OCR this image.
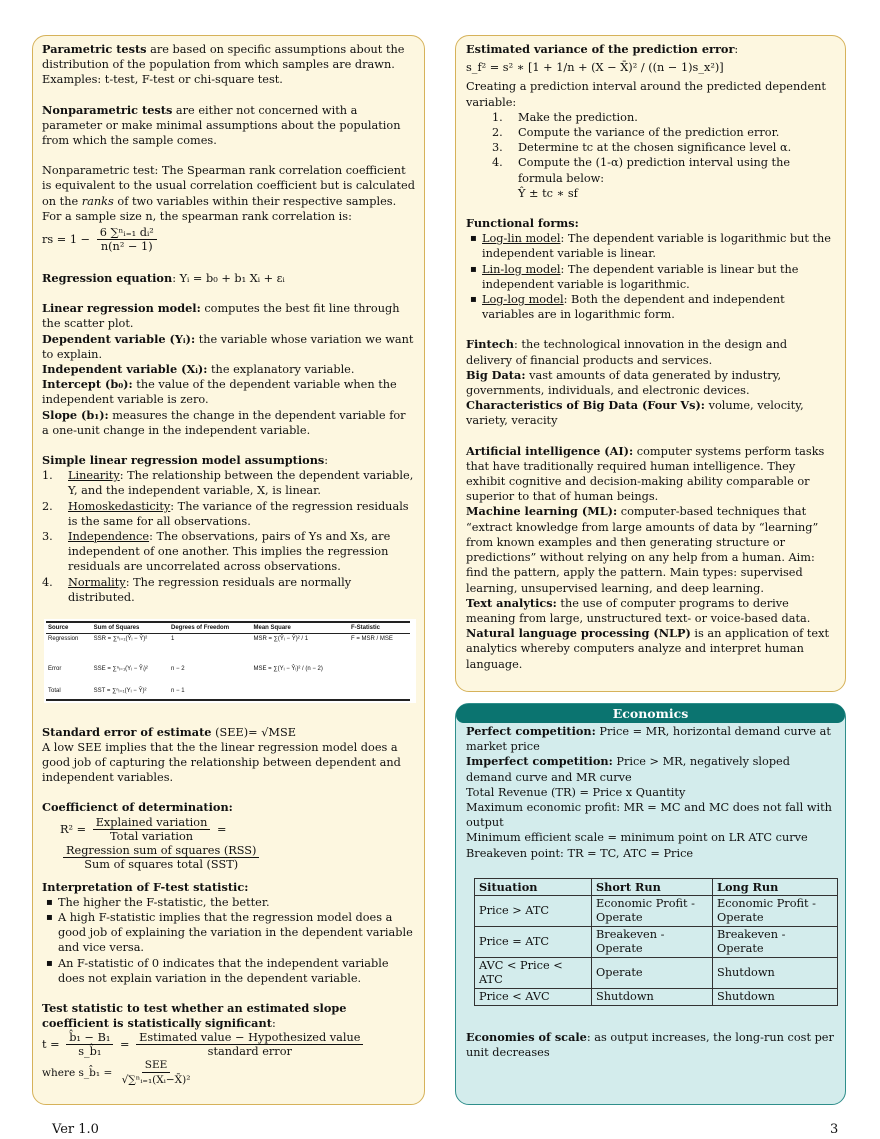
Parametric tests are based on specific assumptions about the distribution of the population from which samples are drawn. Examples: t-test, F-test or chi-square test.

Nonparametric tests are either not concerned with a parameter or make minimal assumptions about the population from which the sample comes.

Nonparametric test: The Spearman rank correlation coefficient is equivalent to the usual correlation coefficient but is calculated on the ranks of two variables within their respective samples. For a sample size n, the spearman rank correlation is:

rs = $1 - \frac{\text{6 ∑ⁿᵢ₌₁ dᵢ²}}{\text{n(n² − 1)}}$

Regression equation: Yᵢ = b₀ + b₁ Xᵢ + εᵢ

Linear regression model: computes the best fit line through the scatter plot.

Dependent variable (Yᵢ): the variable whose variation we want to explain.

Independent variable (Xᵢ): the explanatory variable.

Intercept (b₀): the value of the dependent variable when the independent variable is zero.

Slope (b₁): measures the change in the dependent variable for a one-unit change in the independent variable.

Simple linear regression model assumptions:

1. Linearity: The relationship between the dependent variable, Y, and the independent variable, X, is linear.
2. Homoskedasticity: The variance of the regression residuals is the same for all observations.
3. Independence: The observations, pairs of Ys and Xs, are independent of one another. This implies the regression residuals are uncorrelated across observations.
4. Normality: The regression residuals are normally distributed.
Source	Sum of Squares	Degrees of Freedom	Mean Square	F-Statistic
Regression	SSR = ∑ⁿᵢ₌₁(Ŷᵢ − Ȳ)²	1	MSR = ∑(Ŷᵢ − Ȳ)² / 1	F = MSR / MSE
Error	SSE = ∑ⁿᵢ₌₁(Yᵢ − Ŷᵢ)²	n − 2	MSE = ∑(Yᵢ − Ŷᵢ)² / (n − 2)	
Total	SST = ∑ⁿᵢ₌₁(Yᵢ − Ȳ)²	n − 1		

Standard error of estimate (SEE)= √MSE

A low SEE implies that the the linear regression model does a good job of capturing the relationship between dependent and independent variables.

Coefficienct of determination:

$R^2 = \frac{\text{Explained variation}}{\text{Total variation}}$ =
$\frac{\text{Regression sum of squares (RSS)}}{\text{Sum of squares total (SST)}}$

Interpretation of F-test statistic:

▪ The higher the F-statistic, the better.
▪ A high F-statistic implies that the regression model does a good job of explaining the variation in the dependent variable and vice versa.
▪ An F-statistic of 0 indicates that the independent variable does not explain variation in the dependent variable.

Test statistic to test whether an estimated slope coefficient is statistically significant:

$t = \frac{\text{b̂₁ − B₁}}{\text{s\_b̂₁}} = \frac{\text{Estimated value − Hypothesized value}}{\text{standard error}}$
where s_b̂₁ = $\frac{\text{SEE}}{\text{√∑ⁿᵢ₌₁(Xᵢ−X̄)²}}$

Estimated variance of the prediction error:

s_f² = s² ∗ [1 + 1/n + (X − X̄)² / ((n − 1)s_x²)]

Creating a prediction interval around the predicted dependent variable:

1. Make the prediction.
2. Compute the variance of the prediction error.
3. Determine tc at the chosen significance level α.
4. Compute the (1-α) prediction interval using the formula below:
Ŷ ± tc ∗ sf

Functional forms:

▪ Log-lin model: The dependent variable is logarithmic but the independent variable is linear.
▪ Lin-log model: The dependent variable is linear but the independent variable is logarithmic.
▪ Log-log model: Both the dependent and independent variables are in logarithmic form.

Fintech: the technological innovation in the design and delivery of financial products and services.

Big Data: vast amounts of data generated by industry, governments, individuals, and electronic devices.

Characteristics of Big Data (Four Vs): volume, velocity, variety, veracity

Artificial intelligence (AI): computer systems perform tasks that have traditionally required human intelligence. They exhibit cognitive and decision-making ability comparable or superior to that of human beings.

Machine learning (ML): computer-based techniques that “extract knowledge from large amounts of data by “learning” from known examples and then generating structure or predictions” without relying on any help from a human. Aim: find the pattern, apply the pattern. Main types: supervised learning, unsupervised learning, and deep learning.

Text analytics: the use of computer programs to derive meaning from large, unstructured text- or voice-based data.

Natural language processing (NLP) is an application of text analytics whereby computers analyze and interpret human language.

Economics

Perfect competition: Price = MR, horizontal demand curve at market price

Imperfect competition: Price > MR, negatively sloped demand curve and MR curve

Total Revenue (TR) = Price x Quantity

Maximum economic profit: MR = MC and MC does not fall with output

Minimum efficient scale = minimum point on LR ATC curve

Breakeven point: TR = TC, ATC = Price

Situation	Short Run	Long Run
Price > ATC	Economic Profit - Operate	Economic Profit - Operate
Price = ATC	Breakeven - Operate	Breakeven - Operate
AVC < Price < ATC	Operate	Shutdown
Price < AVC	Shutdown	Shutdown

Economies of scale: as output increases, the long-run cost per unit decreases

Ver 1.0	3
